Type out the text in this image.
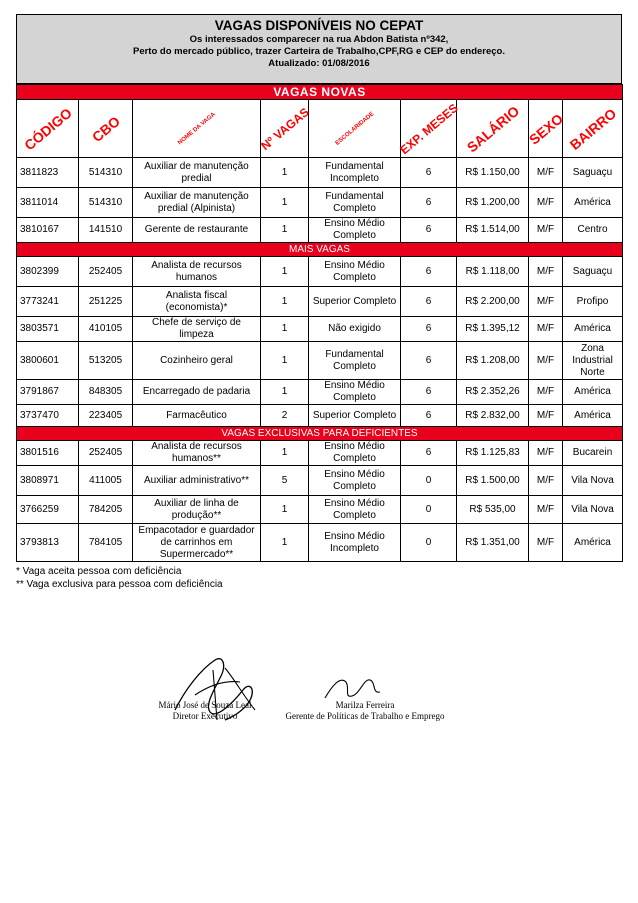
VAGAS DISPONÍVEIS NO CEPAT
Os interessados comparecer na rua Abdon Batista nº342,
Perto do mercado público, trazer Carteira de Trabalho,CPF,RG e CEP do endereço.
Atualizado: 01/08/2016
VAGAS NOVAS								

CÓDIGO	CBO	NOME DA VAGA	Nº VAGAS	ESCOLARIDADE	EXP. MESES	SALÁRIO	SEXO	BAIRRO

3811823	514310	Auxiliar de manutenção predial	1	Fundamental Incompleto	6	R$ 1.150,00	M/F	Saguaçu
3811014	514310	Auxiliar de manutenção predial (Alpinista)	1	Fundamental Completo	6	R$ 1.200,00	M/F	América
3810167	141510	Gerente de restaurante	1	Ensino Médio Completo	6	R$ 1.514,00	M/F	Centro
MAIS VAGAS								
3802399	252405	Analista de recursos humanos	1	Ensino Médio Completo	6	R$ 1.118,00	M/F	Saguaçu
3773241	251225	Analista fiscal (economista)*	1	Superior Completo	6	R$ 2.200,00	M/F	Profipo
3803571	410105	Chefe de serviço de limpeza	1	Não exigido	6	R$ 1.395,12	M/F	América
3800601	513205	Cozinheiro geral	1	Fundamental Completo	6	R$ 1.208,00	M/F	Zona Industrial Norte
3791867	848305	Encarregado de padaria	1	Ensino Médio Completo	6	R$ 2.352,26	M/F	América
3737470	223405	Farmacêutico	2	Superior Completo	6	R$ 2.832,00	M/F	América
VAGAS EXCLUSIVAS PARA DEFICIENTES								
3801516	252405	Analista de recursos humanos**	1	Ensino Médio Completo	6	R$ 1.125,83	M/F	Bucarein
3808971	411005	Auxiliar administrativo**	5	Ensino Médio Completo	0	R$ 1.500,00	M/F	Vila Nova
3766259	784205	Auxiliar de linha de produção**	1	Ensino Médio Completo	0	R$ 535,00	M/F	Vila Nova
3793813	784105	Empacotador e guardador de carrinhos em Supermercado**	1	Ensino Médio Incompleto	0	R$ 1.351,00	M/F	América
* Vaga aceita pessoa com deficiência
** Vaga exclusiva para pessoa com deficiência
Mário José de Souza Leal
Diretor Executivo
Marilza Ferreira
Gerente de Políticas de Trabalho e Emprego
